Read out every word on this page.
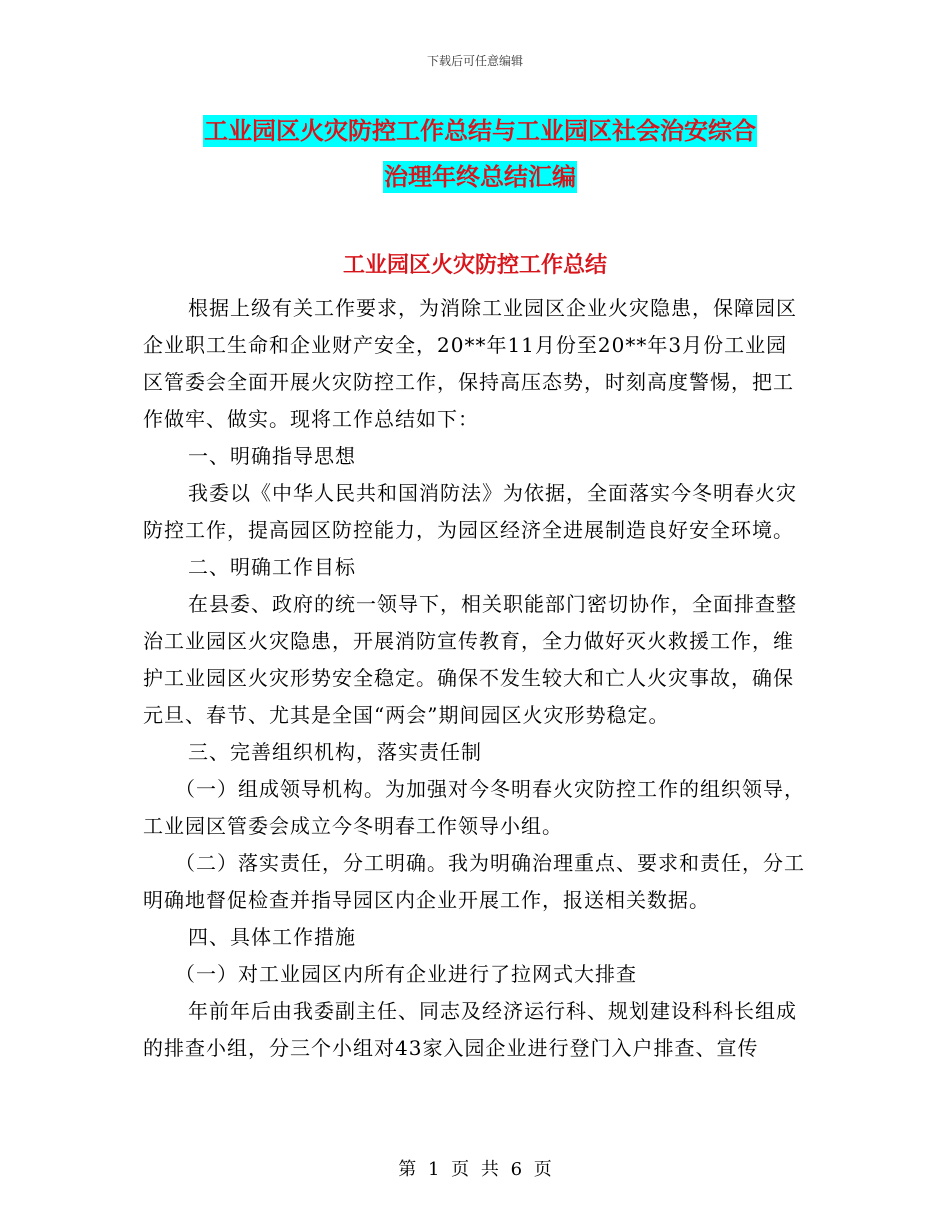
下载后可任意编辑
工业园区火灾防控工作总结与工业园区社会治安综合
治理年终总结汇编
工业园区火灾防控工作总结

根据上级有关工作要求，为消除工业园区企业火灾隐患，保障园区企业职工生命和企业财产安全，20**年11月份至20**年3月份工业园区管委会全面开展火灾防控工作，保持高压态势，时刻高度警惕，把工作做牢、做实。现将工作总结如下：

一、明确指导思想

我委以《中华人民共和国消防法》为依据，全面落实今冬明春火灾防控工作，提高园区防控能力，为园区经济全进展制造良好安全环境。

二、明确工作目标

在县委、政府的统一领导下，相关职能部门密切协作，全面排查整治工业园区火灾隐患，开展消防宣传教育，全力做好灭火救援工作，维护工业园区火灾形势安全稳定。确保不发生较大和亡人火灾事故，确保元旦、春节、尤其是全国“两会”期间园区火灾形势稳定。

三、完善组织机构，落实责任制

（一）组成领导机构。为加强对今冬明春火灾防控工作的组织领导，工业园区管委会成立今冬明春工作领导小组。

（二）落实责任，分工明确。我为明确治理重点、要求和责任，分工明确地督促检查并指导园区内企业开展工作，报送相关数据。

四、具体工作措施

（一）对工业园区内所有企业进行了拉网式大排查

年前年后由我委副主任、同志及经济运行科、规划建设科科长组成的排查小组，分三个小组对43家入园企业进行登门入户排查、宣传

第 1 页 共 6 页
